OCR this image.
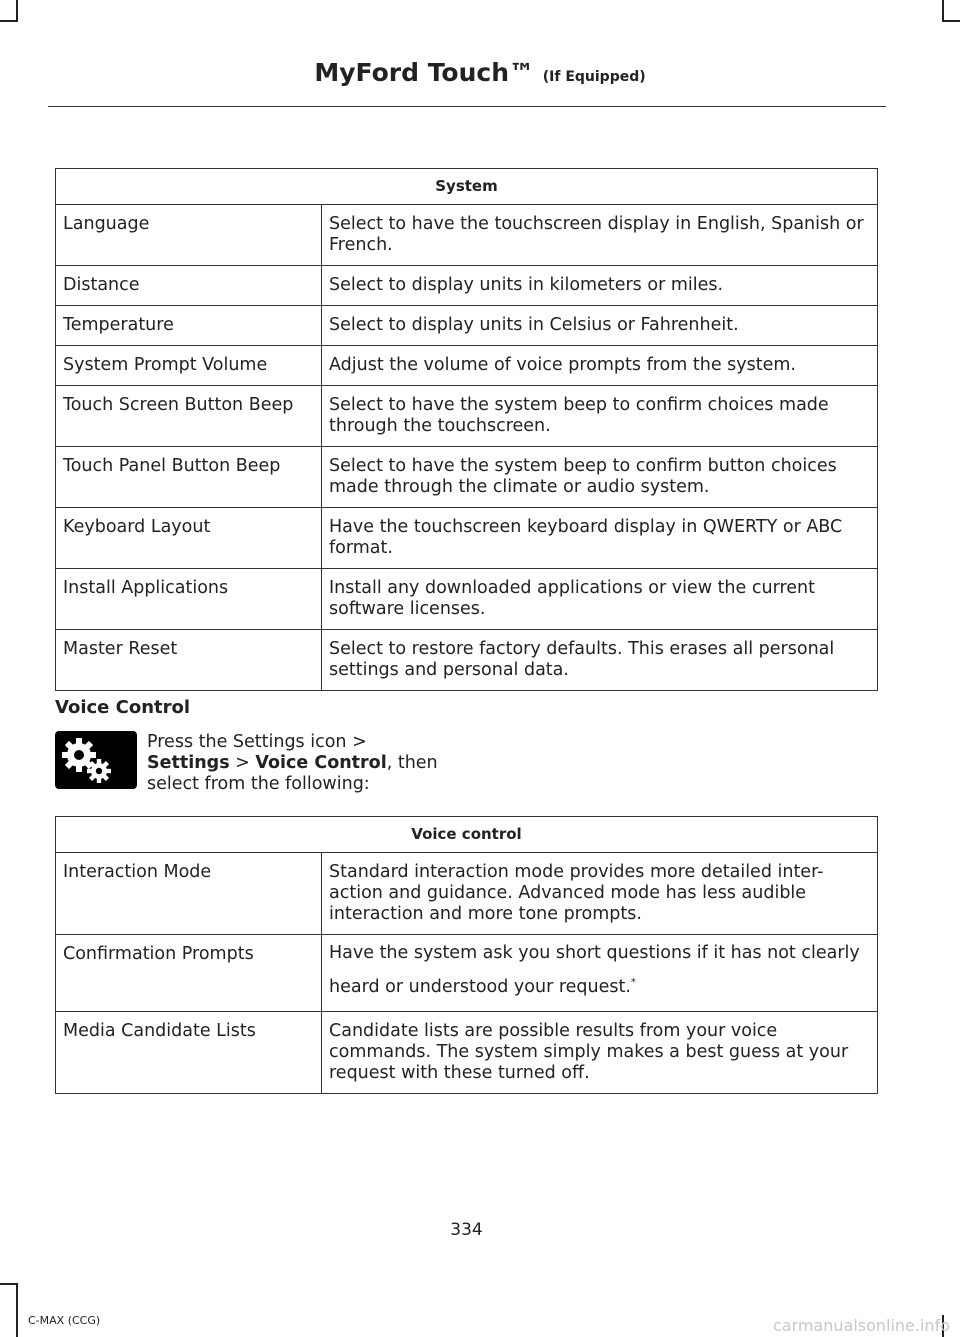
MyFord Touch™ (If Equipped)
System	
Language	Select to have the touchscreen display in English, Spanish or French.
Distance	Select to display units in kilometers or miles.
Temperature	Select to display units in Celsius or Fahrenheit.
System Prompt Volume	Adjust the volume of voice prompts from the system.
Touch Screen Button Beep	Select to have the system beep to confirm choices made through the touchscreen.
Touch Panel Button Beep	Select to have the system beep to confirm button choices made through the climate or audio system.
Keyboard Layout	Have the touchscreen keyboard display in QWERTY or ABC format.
Install Applications	Install any downloaded applications or view the current software licenses.
Master Reset	Select to restore factory defaults. This erases all personal settings and personal data.
Voice Control
Press the Settings icon >
Settings > Voice Control, then select from the following:
Voice control	
Interaction Mode	Standard interaction mode provides more detailed inter-action and guidance. Advanced mode has less audible interaction and more tone prompts.
Confirmation Prompts	Have the system ask you short questions if it has not clearly heard or understood your request.*
Media Candidate Lists	Candidate lists are possible results from your voice commands. The system simply makes a best guess at your request with these turned off.
334
C-MAX (CCG)	carmanualsonline.info
